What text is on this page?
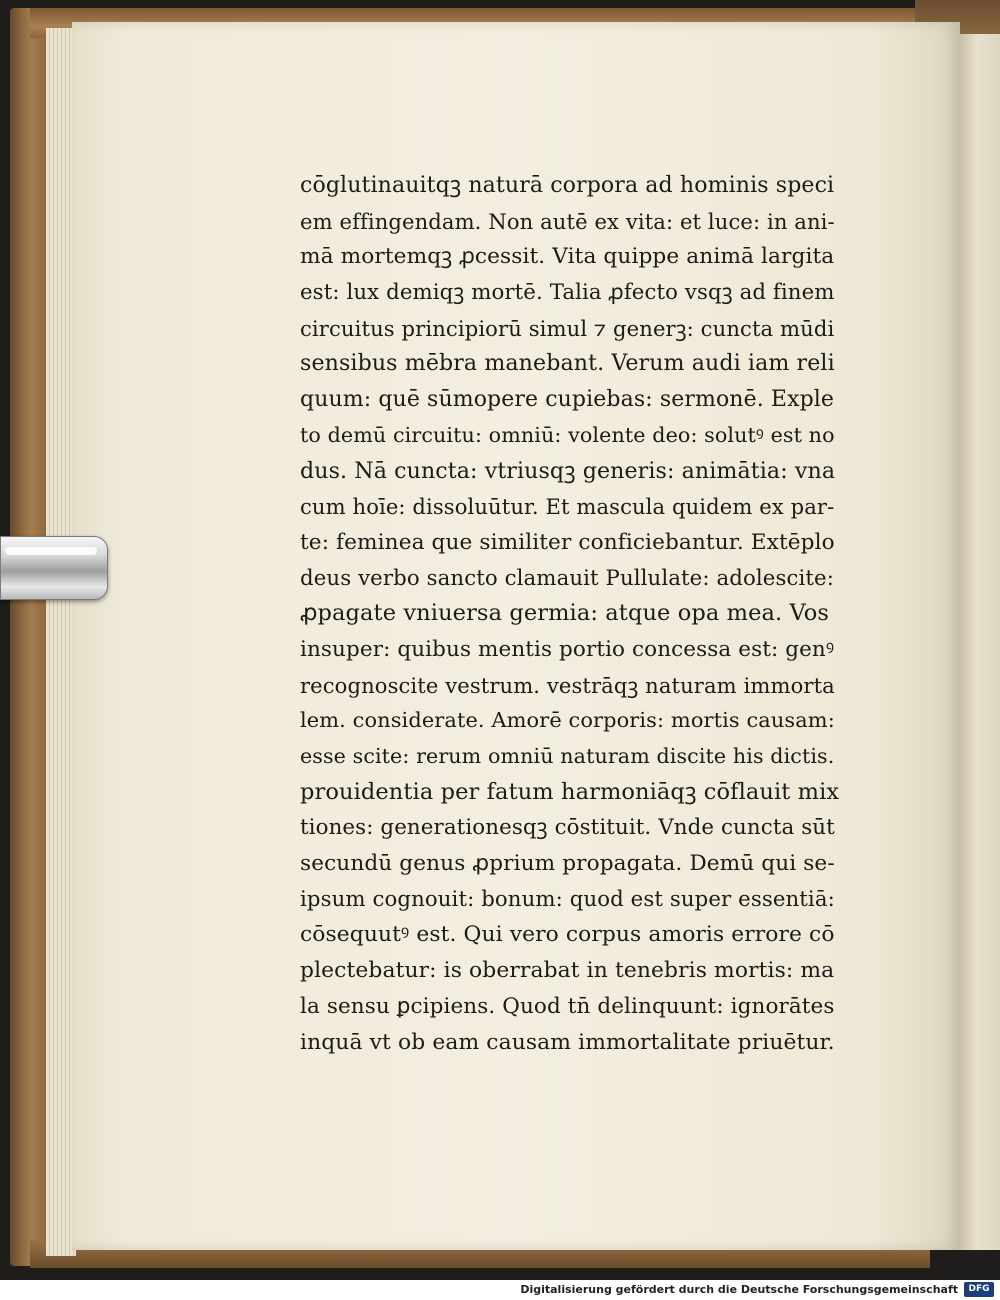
cōglutinauitqꝫ naturā corpora ad hominis speci
em effingendam. Non autē ex vita: et luce: in ani-
mā mortemqꝫ ꝓcessit. Vita quippe animā largita
est: lux demiqꝫ mortē. Talia ꝓfecto vsqꝫ ad finem
circuitus principiorū simul ⁊ generꝫ: cuncta mūdi
sensibus mēbra manebant. Verum audi iam reli
quum: quē sūmopere cupiebas: sermonē. Exple
to demū circuitu: omniū: volente deo: solutꝰ est no
dus. Nā cuncta: vtriusqꝫ generis: animātia: vna
cum hoīe: dissoluūtur. Et mascula quidem ex par-
te: feminea que similiter conficiebantur. Extēplo
deus verbo sancto clamauit Pullulate: adolescite:
ꝓpagate vniuersa germia: atque opa mea. Vos
insuper: quibus mentis portio concessa est: genꝰ
recognoscite vestrum. vestrāqꝫ naturam immorta
lem. considerate. Amorē corporis: mortis causam:
esse scite: rerum omniū naturam discite his dictis.
prouidentia per fatum harmoniāqꝫ cōflauit mix
tiones: generationesqꝫ cōstituit. Vnde cuncta sūt
secundū genus ꝓprium propagata. Demū qui se-
ipsum cognouit: bonum: quod est super essentiā:
cōsequutꝰ est. Qui vero corpus amoris errore cō
plectebatur: is oberrabat in tenebris mortis: ma
la sensu ꝑcipiens. Quod tn̄ delinquunt: ignorātes
inquā vt ob eam causam immortalitate priuētur.
Digitalisierung gefördert durch die Deutsche Forschungsgemeinschaft	DFG
